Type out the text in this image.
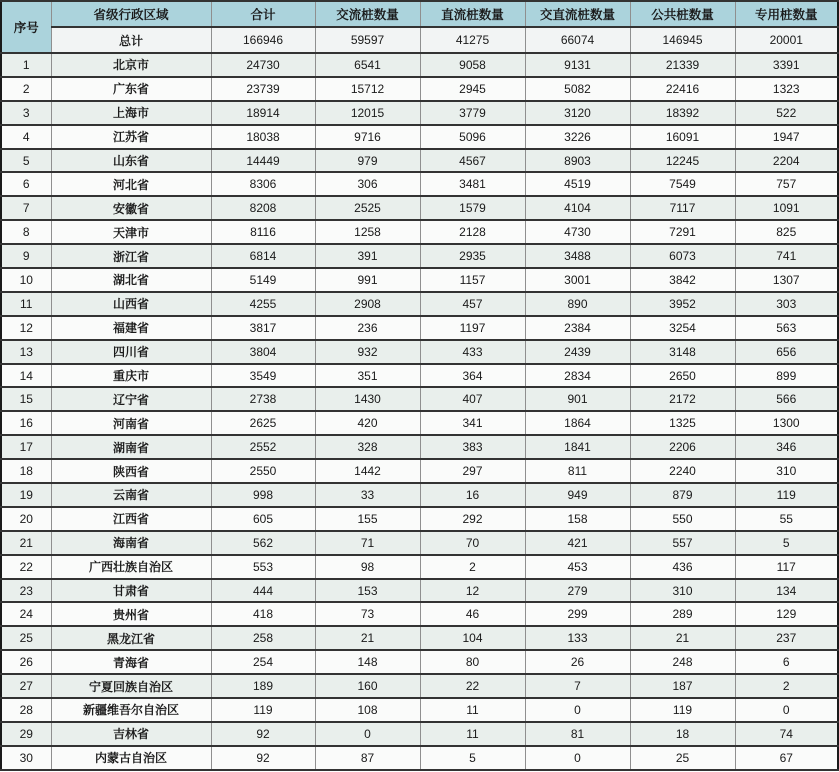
序号	省级行政区域	合计	交流桩数量	直流桩数量	交直流桩数量	公共桩数量	专用桩数量
	总计	166946	59597	41275	66074	146945	20001
1	北京市	24730	6541	9058	9131	21339	3391
2	广东省	23739	15712	2945	5082	22416	1323
3	上海市	18914	12015	3779	3120	18392	522
4	江苏省	18038	9716	5096	3226	16091	1947
5	山东省	14449	979	4567	8903	12245	2204
6	河北省	8306	306	3481	4519	7549	757
7	安徽省	8208	2525	1579	4104	7117	1091
8	天津市	8116	1258	2128	4730	7291	825
9	浙江省	6814	391	2935	3488	6073	741
10	湖北省	5149	991	1157	3001	3842	1307
11	山西省	4255	2908	457	890	3952	303
12	福建省	3817	236	1197	2384	3254	563
13	四川省	3804	932	433	2439	3148	656
14	重庆市	3549	351	364	2834	2650	899
15	辽宁省	2738	1430	407	901	2172	566
16	河南省	2625	420	341	1864	1325	1300
17	湖南省	2552	328	383	1841	2206	346
18	陕西省	2550	1442	297	811	2240	310
19	云南省	998	33	16	949	879	119
20	江西省	605	155	292	158	550	55
21	海南省	562	71	70	421	557	5
22	广西壮族自治区	553	98	2	453	436	117
23	甘肃省	444	153	12	279	310	134
24	贵州省	418	73	46	299	289	129
25	黑龙江省	258	21	104	133	21	237
26	青海省	254	148	80	26	248	6
27	宁夏回族自治区	189	160	22	7	187	2
28	新疆维吾尔自治区	119	108	11	0	119	0
29	吉林省	92	0	11	81	18	74
30	内蒙古自治区	92	87	5	0	25	67
